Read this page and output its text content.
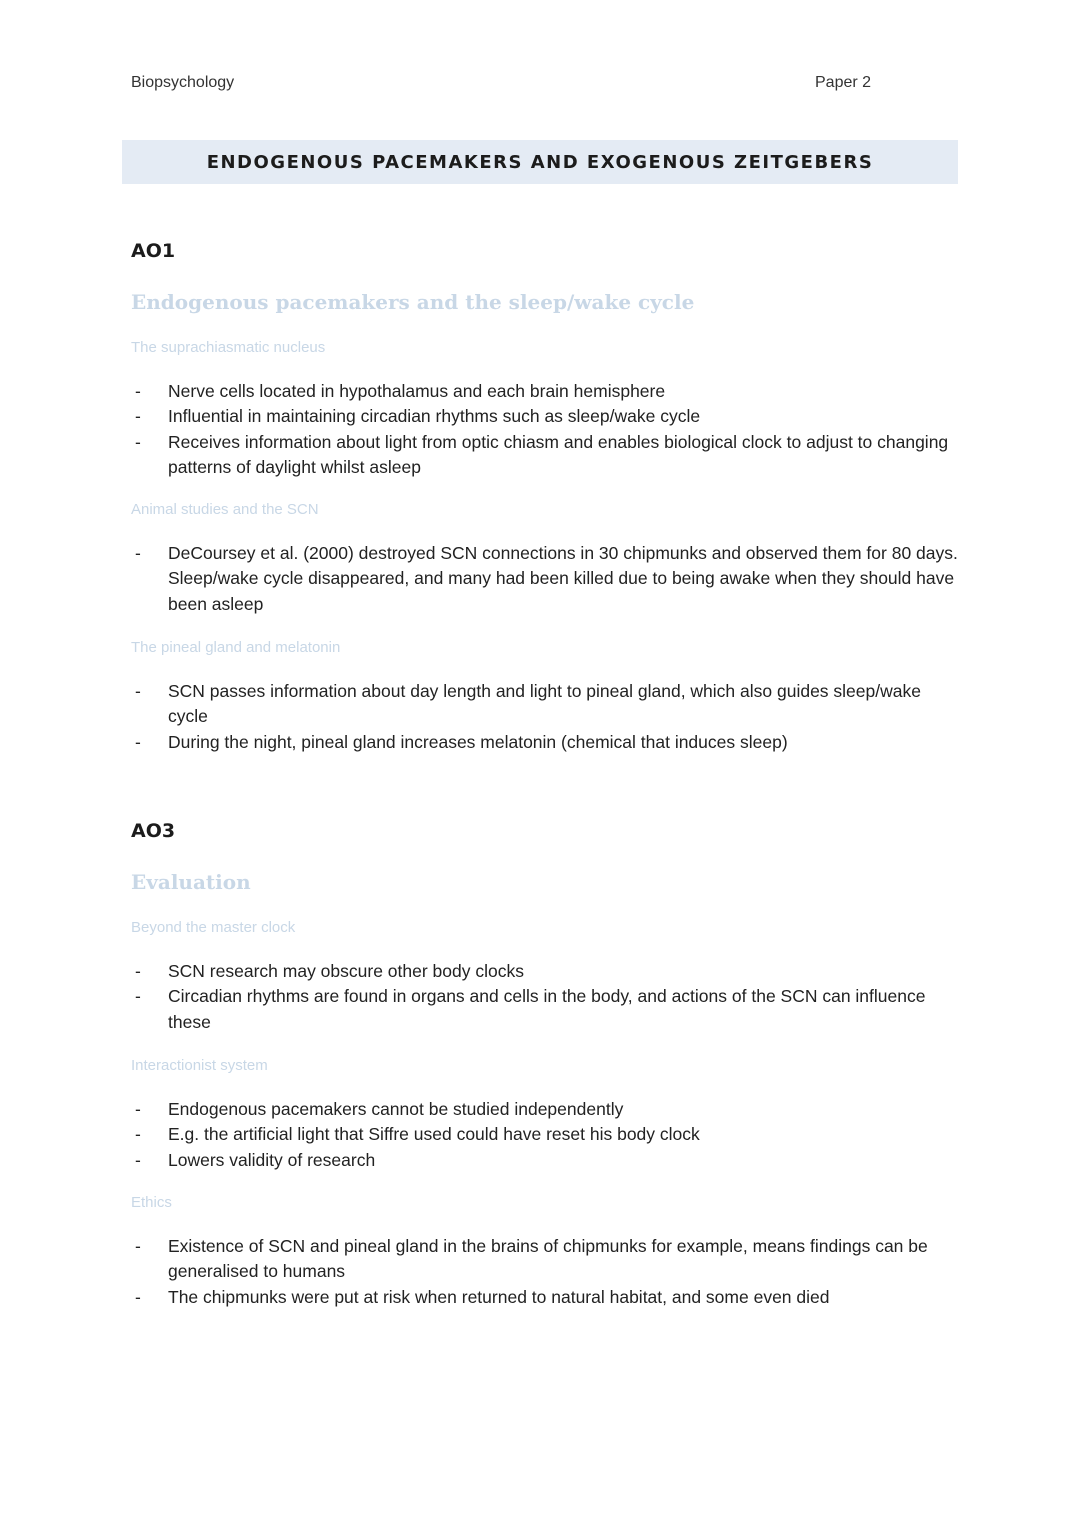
Biopsychology	Paper 2
ENDOGENOUS PACEMAKERS AND EXOGENOUS ZEITGEBERS
AO1
Endogenous pacemakers and the sleep/wake cycle
The suprachiasmatic nucleus
- Nerve cells located in hypothalamus and each brain hemisphere
- Influential in maintaining circadian rhythms such as sleep/wake cycle
- Receives information about light from optic chiasm and enables biological clock to adjust to changing patterns of daylight whilst asleep
Animal studies and the SCN
- DeCoursey et al. (2000) destroyed SCN connections in 30 chipmunks and observed them for 80 days. Sleep/wake cycle disappeared, and many had been killed due to being awake when they should have been asleep
The pineal gland and melatonin
- SCN passes information about day length and light to pineal gland, which also guides sleep/wake cycle
- During the night, pineal gland increases melatonin (chemical that induces sleep)
AO3
Evaluation
Beyond the master clock
- SCN research may obscure other body clocks
- Circadian rhythms are found in organs and cells in the body, and actions of the SCN can influence these
Interactionist system
- Endogenous pacemakers cannot be studied independently
- E.g. the artificial light that Siffre used could have reset his body clock
- Lowers validity of research
Ethics
- Existence of SCN and pineal gland in the brains of chipmunks for example, means findings can be generalised to humans
- The chipmunks were put at risk when returned to natural habitat, and some even died
